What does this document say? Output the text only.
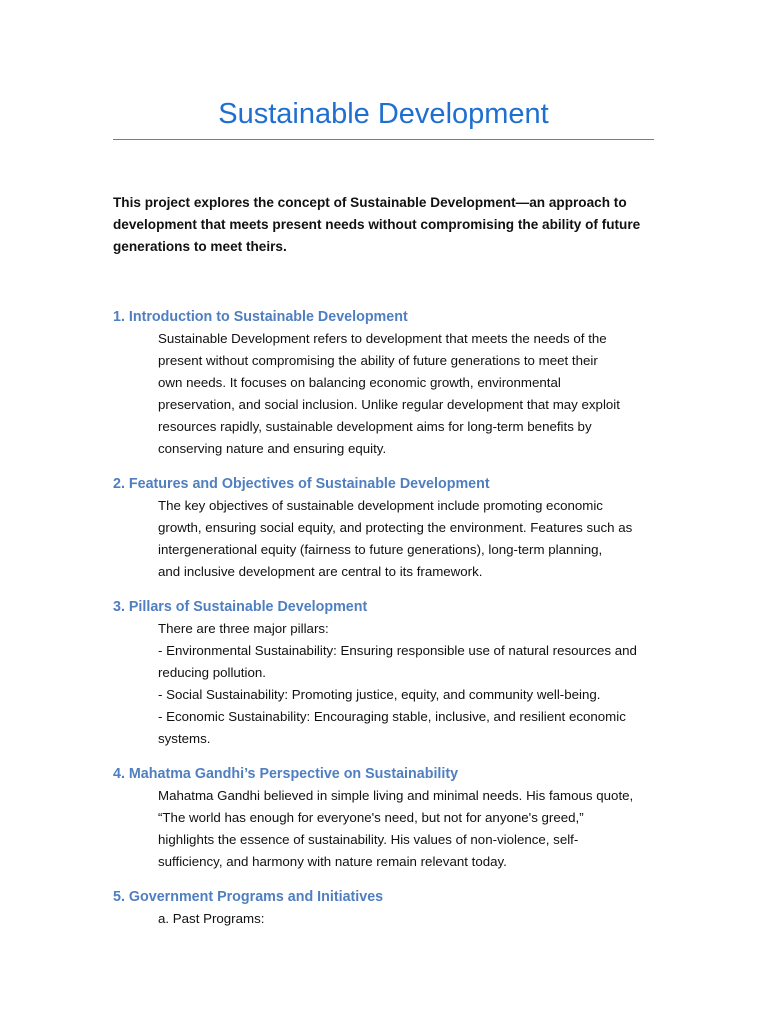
Sustainable Development
This project explores the concept of Sustainable Development—an approach to
development that meets present needs without compromising the ability of future
generations to meet theirs.
1. Introduction to Sustainable Development
Sustainable Development refers to development that meets the needs of the
present without compromising the ability of future generations to meet their
own needs. It focuses on balancing economic growth, environmental
preservation, and social inclusion. Unlike regular development that may exploit
resources rapidly, sustainable development aims for long-term benefits by
conserving nature and ensuring equity.
2. Features and Objectives of Sustainable Development
The key objectives of sustainable development include promoting economic
growth, ensuring social equity, and protecting the environment. Features such as
intergenerational equity (fairness to future generations), long-term planning,
and inclusive development are central to its framework.
3. Pillars of Sustainable Development
There are three major pillars:
- Environmental Sustainability: Ensuring responsible use of natural resources and
reducing pollution.
- Social Sustainability: Promoting justice, equity, and community well-being.
- Economic Sustainability: Encouraging stable, inclusive, and resilient economic
systems.
4. Mahatma Gandhi’s Perspective on Sustainability
Mahatma Gandhi believed in simple living and minimal needs. His famous quote,
“The world has enough for everyone's need, but not for anyone's greed,”
highlights the essence of sustainability. His values of non-violence, self-
sufficiency, and harmony with nature remain relevant today.
5. Government Programs and Initiatives
a. Past Programs:
